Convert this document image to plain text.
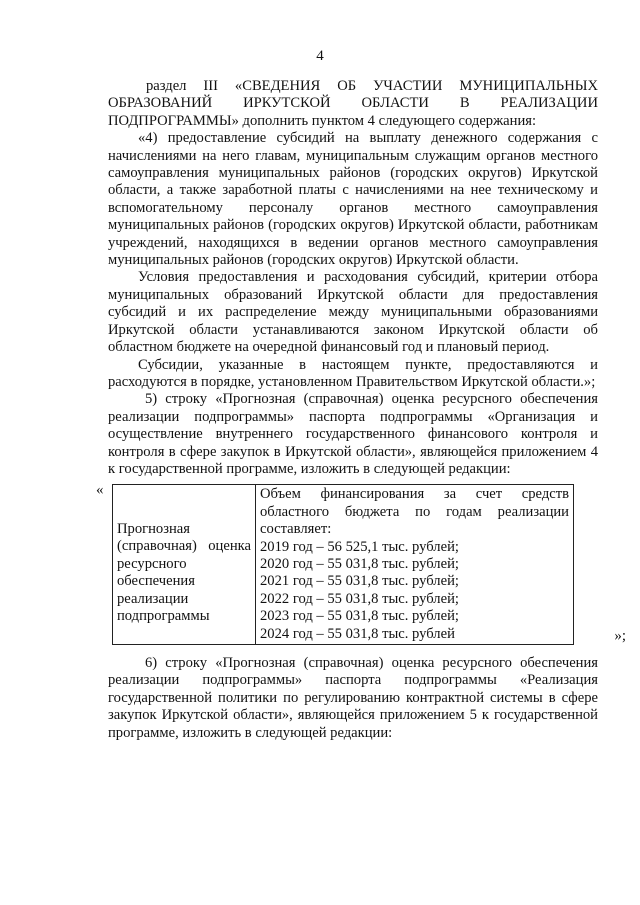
4

раздел III «СВЕДЕНИЯ ОБ УЧАСТИИ МУНИЦИПАЛЬНЫХ ОБРАЗОВАНИЙ ИРКУТСКОЙ ОБЛАСТИ В РЕАЛИЗАЦИИ ПОДПРОГРАММЫ» дополнить пунктом 4 следующего содержания:

«4) предоставление субсидий на выплату денежного содержания с начислениями на него главам, муниципальным служащим органов местного самоуправления муниципальных районов (городских округов) Иркутской области, а также заработной платы с начислениями на нее техническому и вспомогательному персоналу органов местного самоуправления муниципальных районов (городских округов) Иркутской области, работникам учреждений, находящихся в ведении органов местного самоуправления муниципальных районов (городских округов) Иркутской области.

Условия предоставления и расходования субсидий, критерии отбора муниципальных образований Иркутской области для предоставления субсидий и их распределение между муниципальными образованиями Иркутской области устанавливаются законом Иркутской области об областном бюджете на очередной финансовый год и плановый период.

Субсидии, указанные в настоящем пункте, предоставляются и расходуются в порядке, установленном Правительством Иркутской области.»;

5) строку «Прогнозная (справочная) оценка ресурсного обеспечения реализации подпрограммы» паспорта подпрограммы «Организация и осуществление внутреннего государственного финансового контроля и контроля в сфере закупок в Иркутской области», являющейся приложением 4 к государственной программе, изложить в следующей редакции:

«
Прогнозная (справочная) оценка ресурсного обеспечения реализации подпрограммы

Объем финансирования за счет средств областного бюджета по годам реализации составляет:
2019 год – 56 525,1 тыс. рублей;
2020 год – 55 031,8 тыс. рублей;
2021 год – 55 031,8 тыс. рублей;
2022 год – 55 031,8 тыс. рублей;
2023 год – 55 031,8 тыс. рублей;
2024 год – 55 031,8 тыс. рублей	»;

6) строку «Прогнозная (справочная) оценка ресурсного обеспечения реализации подпрограммы» паспорта подпрограммы «Реализация государственной политики по регулированию контрактной системы в сфере закупок Иркутской области», являющейся приложением 5 к государственной программе, изложить в следующей редакции:
